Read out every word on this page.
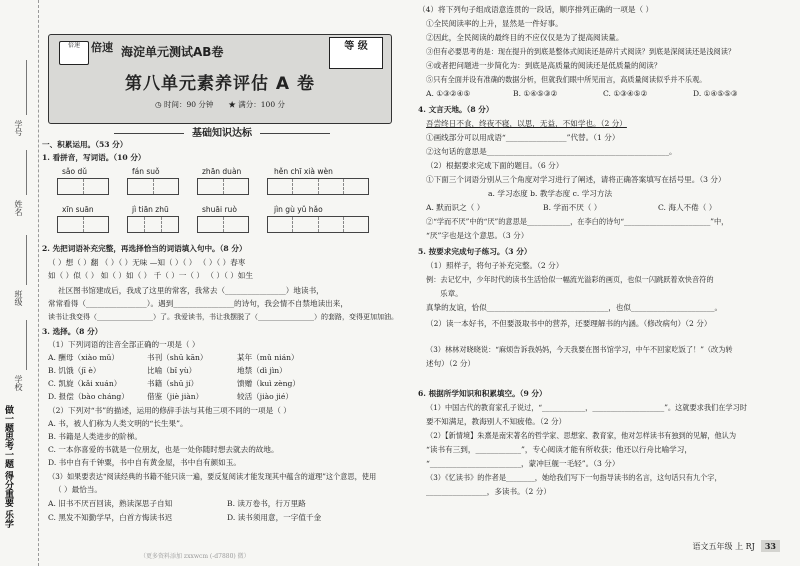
学号
姓名
班级
学校
做一题思考一题 得分重要 乐学
倍速	倍速 海淀单元测试AB卷	等 级
第八单元素养评估 A 卷
◷ 时间：90 分钟　　 ★ 满分：100 分
基础知识达标
一、积累运用。（53 分）
1. 看拼音，写词语。（10 分）
sǎo dǔ	fán suǒ	zhān duàn	hěn chī xià wèn
xīn suān	jì tiān zhū	shuāi ruò	jìn gù yǔ hǎo
2. 先把词语补充完整，再选择恰当的词语填入句中。（8 分）
（ ）想（ ）翻 （ ）（ ）无味 —知（ ）（ ） （ ）（ ）春枣
如（ ）似（ ） 如（ ）如（ ） 千（ ）一（ ） （ ）（ ）如生
社区图书馆建成后，我成了这里的常客，我常去（________________）地读书，
常常看得（________________）。遇到________________的诗句，我会情不自禁地读出来，
读书让我变得（________________）了。我爱读书，书让我摆脱了（________________）的套路，变得更加加油。
3. 选择。（8 分）
（1）下列词语的注音全部正确的一项是（ ）
A. 酬母（xiào mǔ）	书刊（shū kān）	某年（mǔ nián）
B. 饥饿（jī è）	比喻（bǐ yù）	地禁（dì jìn）
C. 凯旋（kǎi xuán）	书籍（shū jí）	馈赠（kuì zèng）
D. 报偿（bào cháng） 借鉴（jiè jiàn）	较活（jiào jié）
（2）下列对“书”的描述，运用的修辞手法与其他三项不同的一项是（ ）
A. 书，被人们称为人类文明的“长生果”。
B. 书籍是人类进步的阶梯。
C. 一本你喜爱的书就是一位朋友，也是一处你随时想去就去的故地。
D. 书中自有千钟粟，书中自有黄金屋，书中自有颜如玉。
（3）如果要表达“阅读经典的书籍不能只读一遍，要反复阅读才能发现其中蕴含的道理”这个意思，使用
（ ）最恰当。
A. 旧书不厌百回读，熟读深思子自知	B. 读万卷书，行万里路
C. 黑发不知勤学早，白首方悔读书迟	D. 读书须用意，一字值千金
（4）将下列句子组成语意连贯的一段话，顺序排列正确的一项是（ ）
①全民阅读率的上升，显然是一件好事。
②因此，全民阅读的最终目的不应仅仅是为了提高阅读量。
③但有必要思考的是：现在提升的到底是整体式阅读还是碎片式阅读？到底是深阅读还是浅阅读？
④或者把问题进一步简化为：到底是高质量的阅读还是低质量的阅读？
⑤只有全面并设有准确的数据分析，但就我们眼中所见而言，高质量阅读似乎并不乐观。
A. ①③②④⑤	B. ①④⑤③②	C. ①③④⑤②	D. ①④⑤⑤③
4. 文言天地。（8 分）
吾尝终日不食，终夜不寝，以思，无益，不如学也。（2 分）
①画线部分可以用成语“________________”代替。（1 分）
②这句话的意思是________________________________________________。
（2）根据要求完成下面的题目。（6 分）
①下面三个词语分别从三个角度对学习进行了阐述，请将正确答案填写在括号里。（3 分）
a. 学习态度 b. 教学态度 c. 学习方法
A. 默而识之（ ）	B. 学而不厌（ ）	C. 海人不倦（ ）
②“学而不厌”中的“厌”的意思是____________，在李白的诗句“________________________”中，
“厌”字也是这个意思。（3 分）
5. 按要求完成句子练习。（3 分）
（1）照样子，将句子补充完整。（2 分）
例：去记忆中，少年时代的读书生活恰似一幅流光溢彩的画页，也似一闪跳跃着欢快音符的
乐章。
真挚的友谊，恰似________________________________，也似______________________。
（2）读一本好书，不但要汲取书中的营养，还要理解书的内涵。（修改病句）（2 分）
（3）林林对晓晓说：“麻烦告诉我妈妈，今天我要在图书馆学习，中午不回家吃饭了！”（改为转
述句）（2 分）
6. 根据所学知识和积累填空。（9 分）
（1）中国古代的教育家孔子说过，“____________，____________________”。这就要求我们在学习时
要不知满足，教海别人不知疲倦。（2 分）
（2）【新情境】朱熹是南宋著名的哲学家、思想家、教育家，他对怎样读书有独到的见解，他认为
“读书有三到，____________”，专心阅读才能有所收获；他还以行舟比喻学习，
“________________________，蒙冲巨舰一毛轻”。（3 分）
（3）《忆读书》的作者是________，她给我们写下一句指导读书的名言，这句话只有九个字，
________________，多读书。（2 分）
语文五年级 上 RJ 33
（更多资料添加 zxxwcm (-d7880) 微）
